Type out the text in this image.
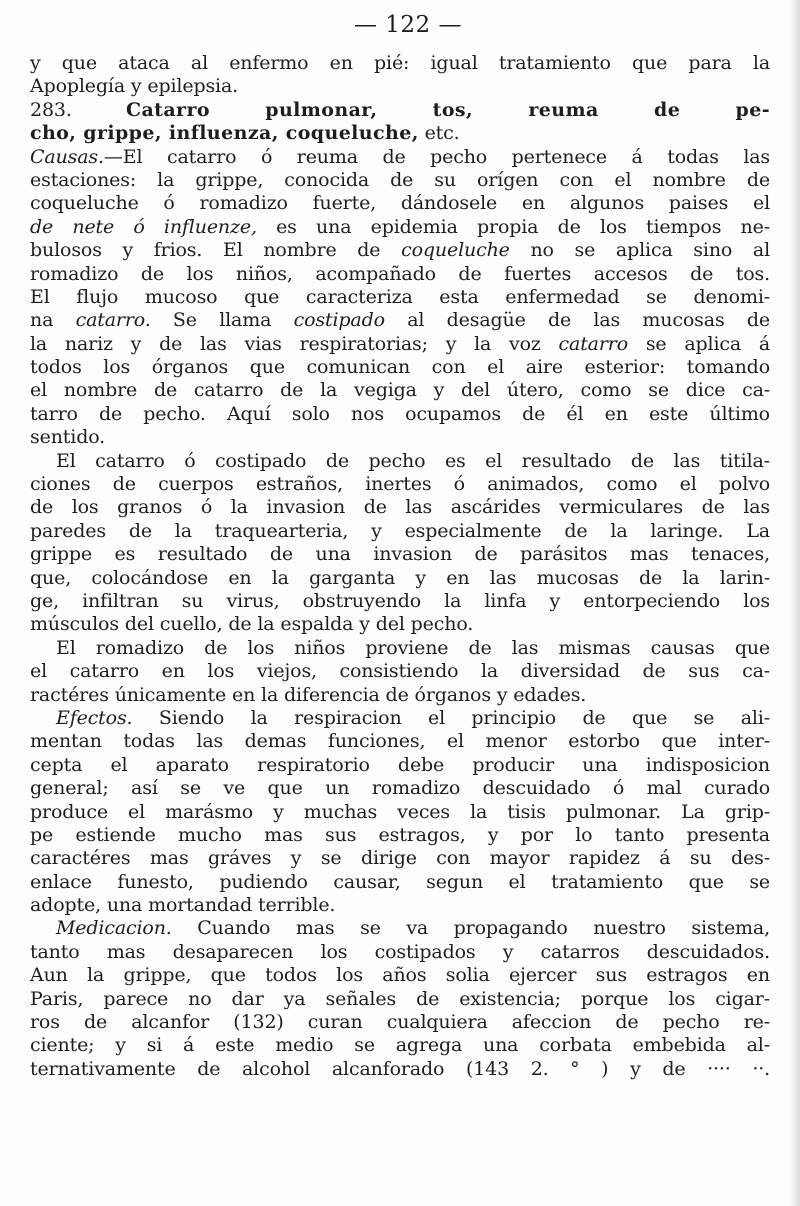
— 122 —
y que ataca al enfermo en pié: igual tratamiento que para la
Apoplegía y epilepsia.
283.	Catarro pulmonar, tos, reuma de pe-
cho, grippe, influenza, coqueluche, etc.
Causas.—El catarro ó reuma de pecho pertenece á todas las
estaciones: la grippe, conocida de su orígen con el nombre de
coqueluche ó romadizo fuerte, dándosele en algunos paises el
de nete ó influenze, es una epidemia propia de los tiempos ne-
bulosos y frios. El nombre de coqueluche no se aplica sino al
romadizo de los niños, acompañado de fuertes accesos de tos.
El flujo mucoso que caracteriza esta enfermedad se denomi-
na catarro. Se llama costipado al desagüe de las mucosas de
la nariz y de las vias respiratorias; y la voz catarro se aplica á
todos los órganos que comunican con el aire esterior: tomando
el nombre de catarro de la vegiga y del útero, como se dice ca-
tarro de pecho. Aquí solo nos ocupamos de él en este último
sentido.
El catarro ó costipado de pecho es el resultado de las titila-
ciones de cuerpos estraños, inertes ó animados, como el polvo
de los granos ó la invasion de las ascárides vermiculares de las
paredes de la traquearteria, y especialmente de la laringe. La
grippe es resultado de una invasion de parásitos mas tenaces,
que, colocándose en la garganta y en las mucosas de la larin-
ge, infiltran su virus, obstruyendo la linfa y entorpeciendo los
músculos del cuello, de la espalda y del pecho.
El romadizo de los niños proviene de las mismas causas que
el catarro en los viejos, consistiendo la diversidad de sus ca-
ractéres únicamente en la diferencia de órganos y edades.
Efectos. Siendo la respiracion el principio de que se ali-
mentan todas las demas funciones, el menor estorbo que inter-
cepta el aparato respiratorio debe producir una indisposicion
general; así se ve que un romadizo descuidado ó mal curado
produce el marásmo y muchas veces la tisis pulmonar. La grip-
pe estiende mucho mas sus estragos, y por lo tanto presenta
caractéres mas gráves y se dirige con mayor rapidez á su des-
enlace funesto, pudiendo causar, segun el tratamiento que se
adopte, una mortandad terrible.
Medicacion. Cuando mas se va propagando nuestro sistema,
tanto mas desaparecen los costipados y catarros descuidados.
Aun la grippe, que todos los años solia ejercer sus estragos en
Paris, parece no dar ya señales de existencia; porque los cigar-
ros de alcanfor (132) curan cualquiera afeccion de pecho re-
ciente; y si á este medio se agrega una corbata embebida al-
ternativamente de alcohol alcanforado (143 2. ° ) y de ···· ··.
